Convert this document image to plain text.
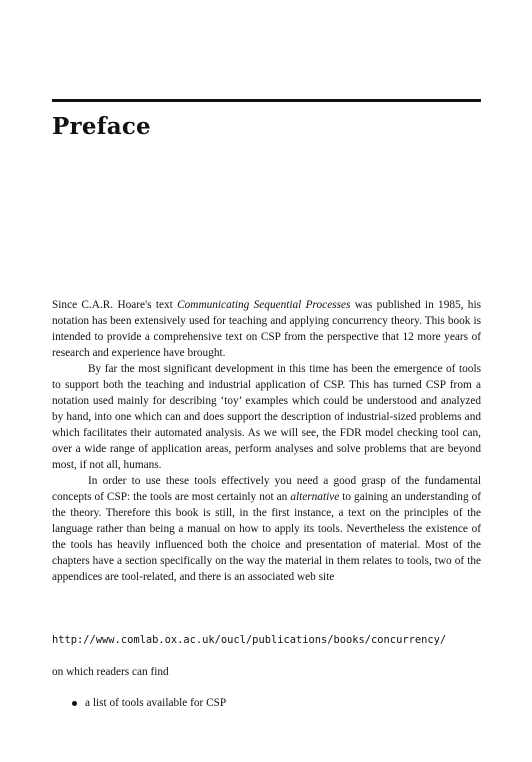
Preface

Since C.A.R. Hoare's text Communicating Sequential Processes was published in 1985, his notation has been extensively used for teaching and applying concurrency theory. This book is intended to provide a comprehensive text on CSP from the perspective that 12 more years of research and experience have brought.

By far the most significant development in this time has been the emergence of tools to support both the teaching and industrial application of CSP. This has turned CSP from a notation used mainly for describing ‘toy’ examples which could be understood and analyzed by hand, into one which can and does support the description of industrial-sized problems and which facilitates their automated analysis. As we will see, the FDR model checking tool can, over a wide range of application areas, perform analyses and solve problems that are beyond most, if not all, humans.

In order to use these tools effectively you need a good grasp of the fundamental concepts of CSP: the tools are most certainly not an alternative to gaining an understanding of the theory. Therefore this book is still, in the first instance, a text on the principles of the language rather than being a manual on how to apply its tools. Nevertheless the existence of the tools has heavily influenced both the choice and presentation of material. Most of the chapters have a section specifically on the way the material in them relates to tools, two of the appendices are tool-related, and there is an associated web site

http://www.comlab.ox.ac.uk/oucl/publications/books/concurrency/
on which readers can find
a list of tools available for CSP
